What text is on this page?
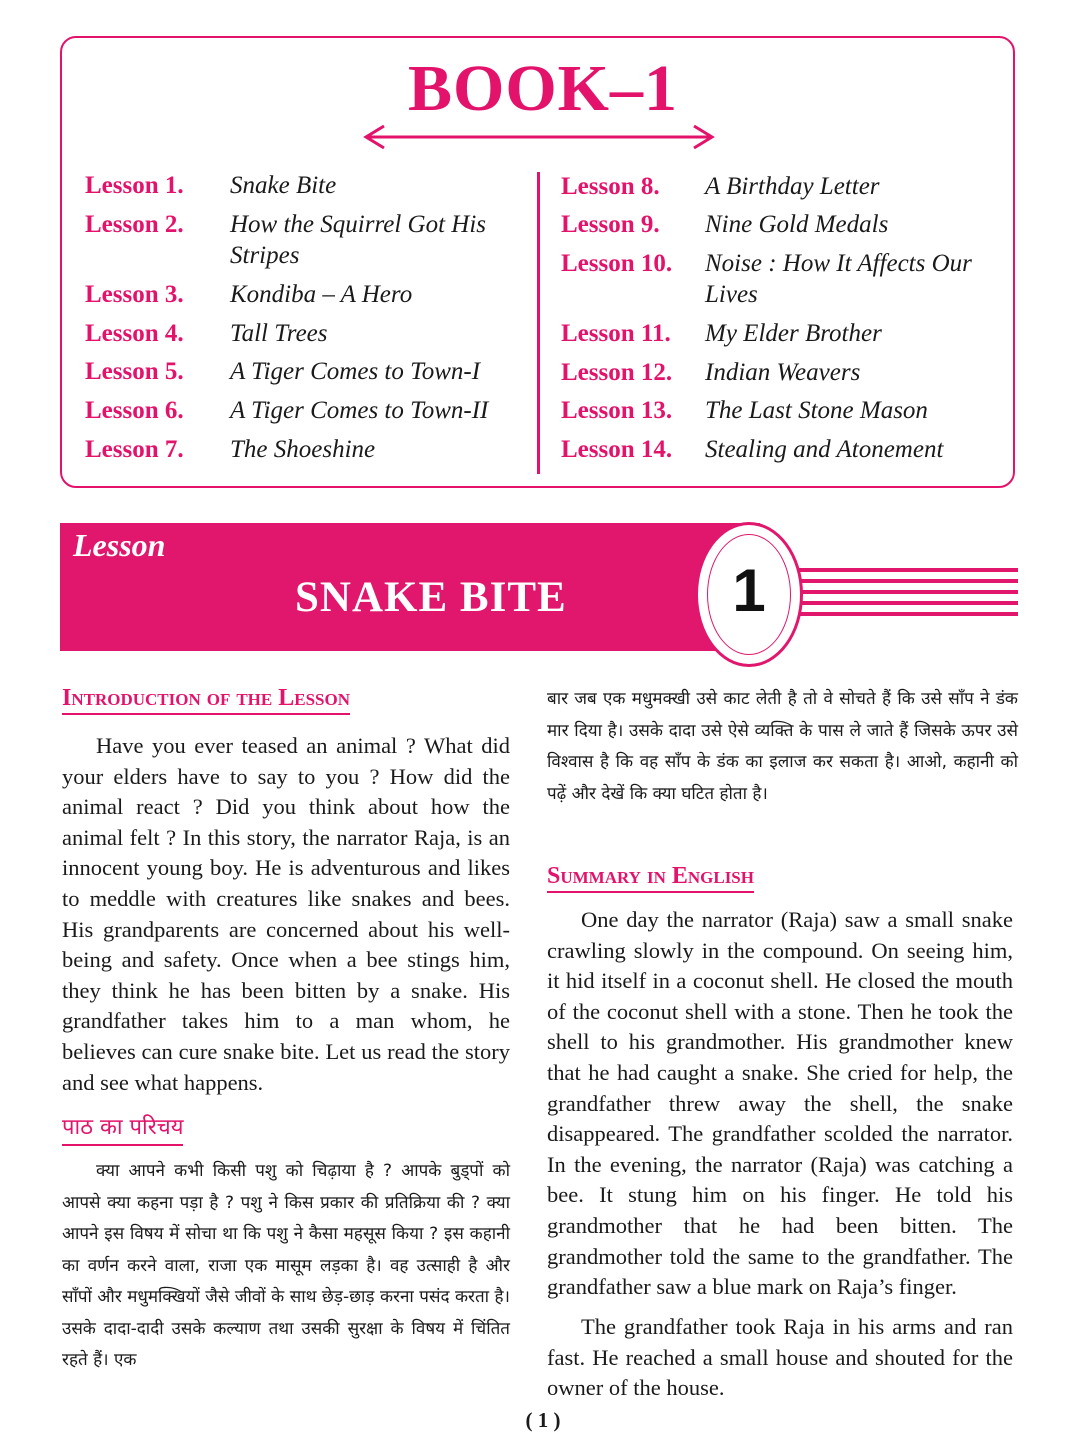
BOOK–1
Lesson 1. Snake Bite
Lesson 2. How the Squirrel Got His Stripes
Lesson 3. Kondiba – A Hero
Lesson 4. Tall Trees
Lesson 5. A Tiger Comes to Town-I
Lesson 6. A Tiger Comes to Town-II
Lesson 7. The Shoeshine
Lesson 8. A Birthday Letter
Lesson 9. Nine Gold Medals
Lesson 10. Noise : How It Affects Our Lives
Lesson 11. My Elder Brother
Lesson 12. Indian Weavers
Lesson 13. The Last Stone Mason
Lesson 14. Stealing and Atonement
Lesson
SNAKE BITE	1
Introduction of the Lesson

Have you ever teased an animal ? What did your elders have to say to you ? How did the animal react ? Did you think about how the animal felt ? In this story, the narrator Raja, is an innocent young boy. He is adventurous and likes to meddle with creatures like snakes and bees. His grandparents are concerned about his well-being and safety. Once when a bee stings him, they think he has been bitten by a snake. His grandfather takes him to a man whom, he believes can cure snake bite. Let us read the story and see what happens.

पाठ का परिचय

क्या आपने कभी किसी पशु को चिढ़ाया है ? आपके बुड्पों को आपसे क्या कहना पड़ा है ? पशु ने किस प्रकार की प्रतिक्रिया की ? क्या आपने इस विषय में सोचा था कि पशु ने कैसा महसूस किया ? इस कहानी का वर्णन करने वाला, राजा एक मासूम लड़का है। वह उत्साही है और साँपों और मधुमक्खियों जैसे जीवों के साथ छेड़-छाड़ करना पसंद करता है। उसके दादा-दादी उसके कल्याण तथा उसकी सुरक्षा के विषय में चिंतित रहते हैं। एक

बार जब एक मधुमक्खी उसे काट लेती है तो वे सोचते हैं कि उसे साँप ने डंक मार दिया है। उसके दादा उसे ऐसे व्यक्ति के पास ले जाते हैं जिसके ऊपर उसे विश्वास है कि वह साँप के डंक का इलाज कर सकता है। आओ, कहानी को पढ़ें और देखें कि क्या घटित होता है।

Summary in English

One day the narrator (Raja) saw a small snake crawling slowly in the compound. On seeing him, it hid itself in a coconut shell. He closed the mouth of the coconut shell with a stone. Then he took the shell to his grandmother. His grandmother knew that he had caught a snake. She cried for help, the grandfather threw away the shell, the snake disappeared. The grandfather scolded the narrator. In the evening, the narrator (Raja) was catching a bee. It stung him on his finger. He told his grandmother that he had been bitten. The grandmother told the same to the grandfather. The grandfather saw a blue mark on Raja’s finger.

The grandfather took Raja in his arms and ran fast. He reached a small house and shouted for the owner of the house.

( 1 )
